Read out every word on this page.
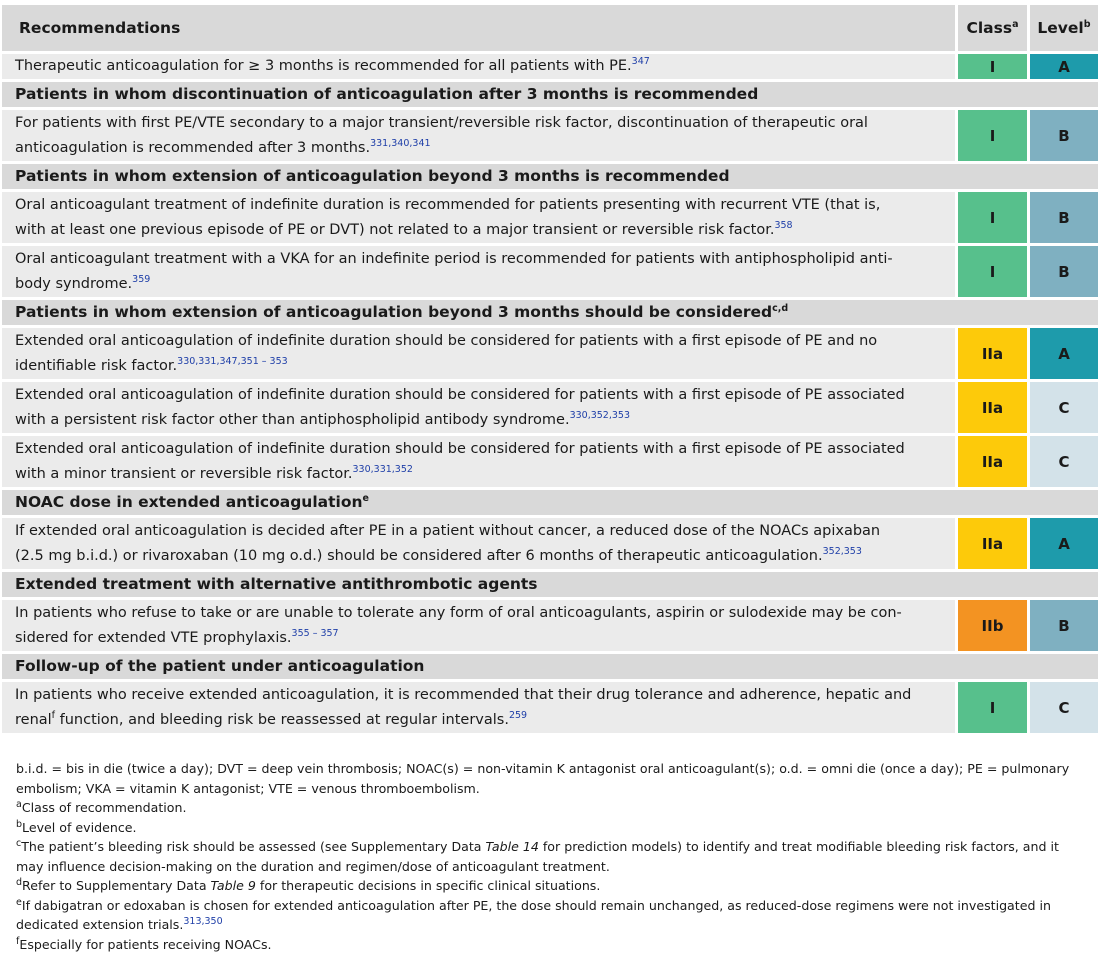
Recommendations	Class$^a$	Level$^b$
Therapeutic anticoagulation for ≥ 3 months is recommended for all patients with PE.$^{347}$	I	A
Patients in whom discontinuation of anticoagulation after 3 months is recommended		
For patients with first PE/VTE secondary to a major transient/reversible risk factor, discontinuation of therapeutic oral
anticoagulation is recommended after 3 months.$^{331,340,341}$	I	B
Patients in whom extension of anticoagulation beyond 3 months is recommended		
Oral anticoagulant treatment of indefinite duration is recommended for patients presenting with recurrent VTE (that is,
with at least one previous episode of PE or DVT) not related to a major transient or reversible risk factor.$^{358}$	I	B
Oral anticoagulant treatment with a VKA for an indefinite period is recommended for patients with antiphospholipid anti-
body syndrome.$^{359}$	I	B
Patients in whom extension of anticoagulation beyond 3 months should be considered$^{c,d}$
Extended oral anticoagulation of indefinite duration should be considered for patients with a first episode of PE and no
identifiable risk factor.$^{330,331,347,351 - 353}$	IIa	A
Extended oral anticoagulation of indefinite duration should be considered for patients with a first episode of PE associated
with a persistent risk factor other than antiphospholipid antibody syndrome.$^{330,352,353}$	IIa	C
Extended oral anticoagulation of indefinite duration should be considered for patients with a first episode of PE associated
with a minor transient or reversible risk factor.$^{330,331,352}$	IIa	C
NOAC dose in extended anticoagulation$^e$
If extended oral anticoagulation is decided after PE in a patient without cancer, a reduced dose of the NOACs apixaban
(2.5 mg b.i.d.) or rivaroxaban (10 mg o.d.) should be considered after 6 months of therapeutic anticoagulation.$^{352,353}$	IIa	A
Extended treatment with alternative antithrombotic agents		
In patients who refuse to take or are unable to tolerate any form of oral anticoagulants, aspirin or sulodexide may be con-
sidered for extended VTE prophylaxis.$^{355 - 357}$	IIb	B
Follow-up of the patient under anticoagulation		
In patients who receive extended anticoagulation, it is recommended that their drug tolerance and adherence, hepatic and
renal$^f$ function, and bleeding risk be reassessed at regular intervals.$^{259}$	I	C

b.i.d. = bis in die (twice a day); DVT = deep vein thrombosis; NOAC(s) = non-vitamin K antagonist oral anticoagulant(s); o.d. = omni die (once a day); PE = pulmonary embolism; VKA = vitamin K antagonist; VTE = venous thromboembolism.

$^a$Class of recommendation.

$^b$Level of evidence.

$^c$The patient’s bleeding risk should be assessed (see Supplementary Data Table 14 for prediction models) to identify and treat modifiable bleeding risk factors, and it may influence decision-making on the duration and regimen/dose of anticoagulant treatment.

$^d$Refer to Supplementary Data Table 9 for therapeutic decisions in specific clinical situations.

$^e$If dabigatran or edoxaban is chosen for extended anticoagulation after PE, the dose should remain unchanged, as reduced-dose regimens were not investigated in dedicated extension trials.$^{313,350}$

$^f$Especially for patients receiving NOACs.
